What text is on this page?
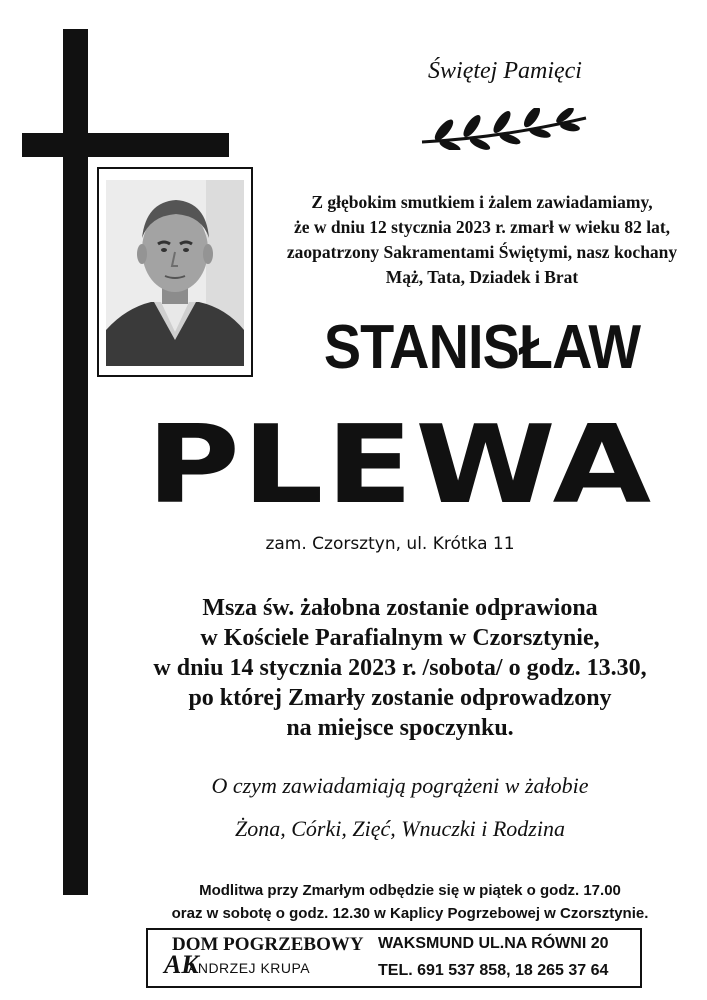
Świętej Pamięci
Z głębokim smutkiem i żalem zawiadamiamy,
że w dniu 12 stycznia 2023 r. zmarł w wieku 82 lat,
zaopatrzony Sakramentami Świętymi, nasz kochany
Mąż, Tata, Dziadek i Brat
STANISŁAW
PLEWA
zam. Czorsztyn, ul. Krótka 11
Msza św. żałobna zostanie odprawiona
w Kościele Parafialnym w Czorsztynie,
w dniu 14 stycznia 2023 r. /sobota/ o godz. 13.30,
po której Zmarły zostanie odprowadzony
na miejsce spoczynku.
O czym zawiadamiają pogrążeni w żałobie
Żona, Córki, Zięć, Wnuczki i Rodzina
Modlitwa przy Zmarłym odbędzie się w piątek o godz. 17.00
oraz w sobotę o godz. 12.30 w Kaplicy Pogrzebowej w Czorsztynie.
DOM POGRZEBOWY
AK
ANDRZEJ KRUPA
WAKSMUND UL.NA RÓWNI 20
TEL. 691 537 858, 18 265 37 64
